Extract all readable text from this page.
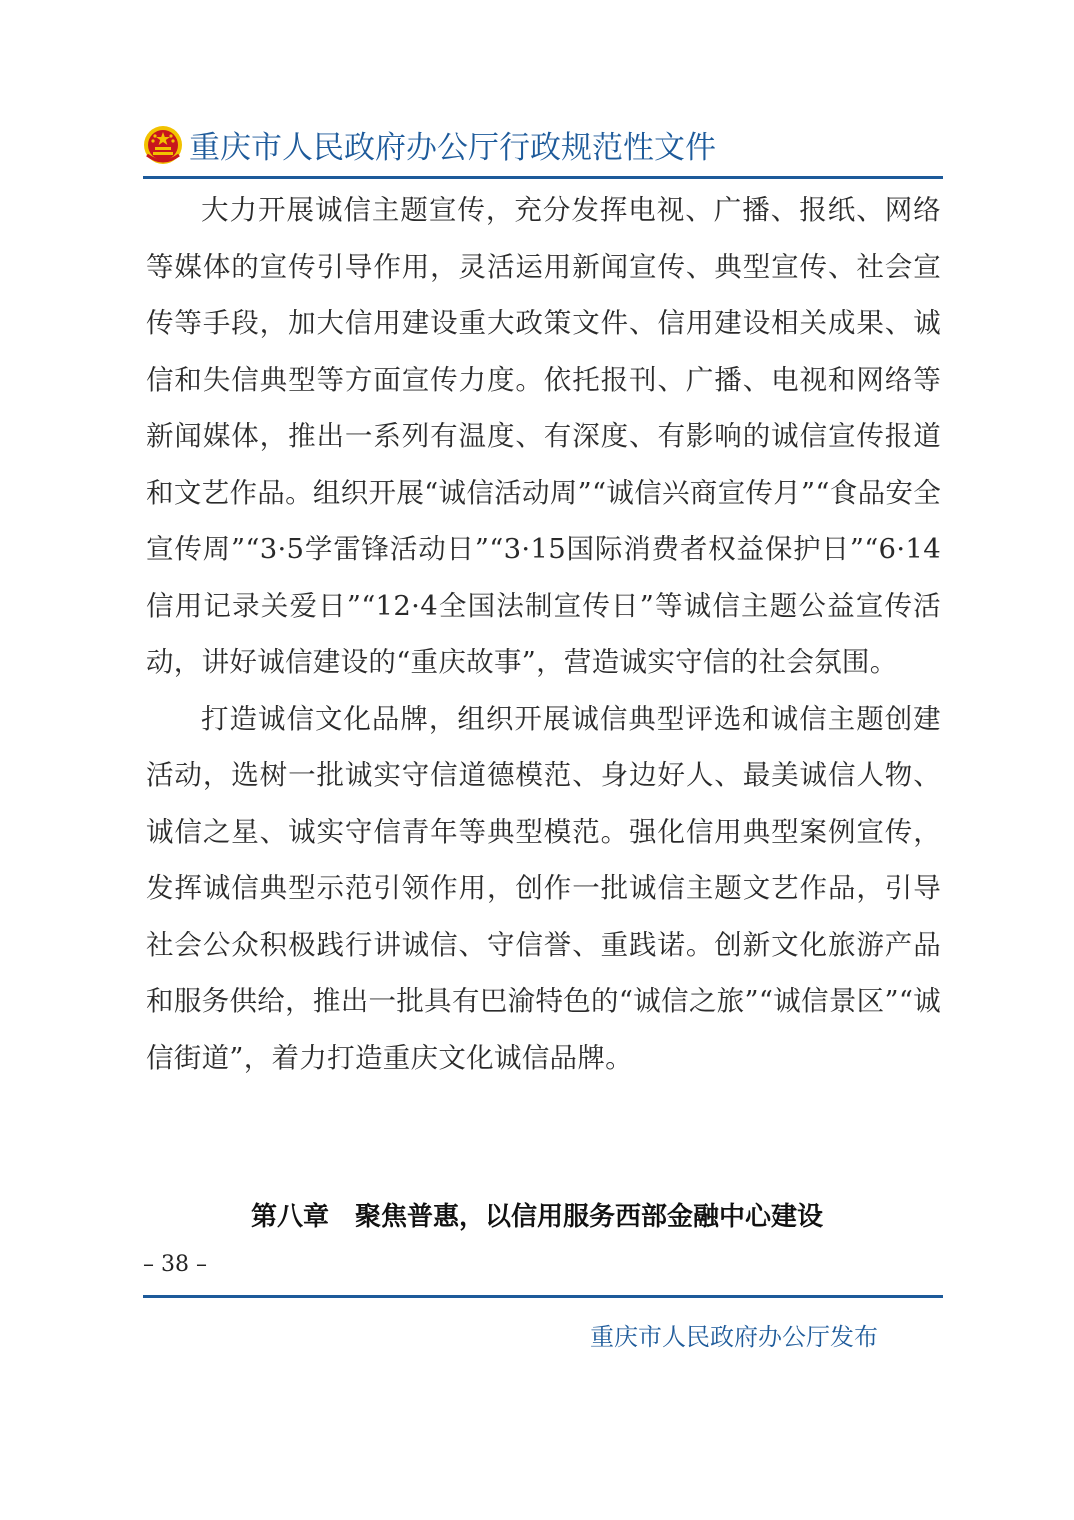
重庆市人民政府办公厅行政规范性文件

大力开展诚信主题宣传，充分发挥电视、广播、报纸、网络等媒体的宣传引导作用，灵活运用新闻宣传、典型宣传、社会宣传等手段，加大信用建设重大政策文件、信用建设相关成果、诚信和失信典型等方面宣传力度。依托报刊、广播、电视和网络等新闻媒体，推出一系列有温度、有深度、有影响的诚信宣传报道和文艺作品。组织开展“诚信活动周”“诚信兴商宣传月”“食品安全宣传周”“3·5学雷锋活动日”“3·15国际消费者权益保护日”“6·14信用记录关爱日”“12·4全国法制宣传日”等诚信主题公益宣传活动，讲好诚信建设的“重庆故事”，营造诚实守信的社会氛围。

打造诚信文化品牌，组织开展诚信典型评选和诚信主题创建活动，选树一批诚实守信道德模范、身边好人、最美诚信人物、诚信之星、诚实守信青年等典型模范。强化信用典型案例宣传，发挥诚信典型示范引领作用，创作一批诚信主题文艺作品，引导社会公众积极践行讲诚信、守信誉、重践诺。创新文化旅游产品和服务供给，推出一批具有巴渝特色的“诚信之旅”“诚信景区”“诚信街道”，着力打造重庆文化诚信品牌。

第八章　聚焦普惠，以信用服务西部金融中心建设
– 38 –
重庆市人民政府办公厅发布
